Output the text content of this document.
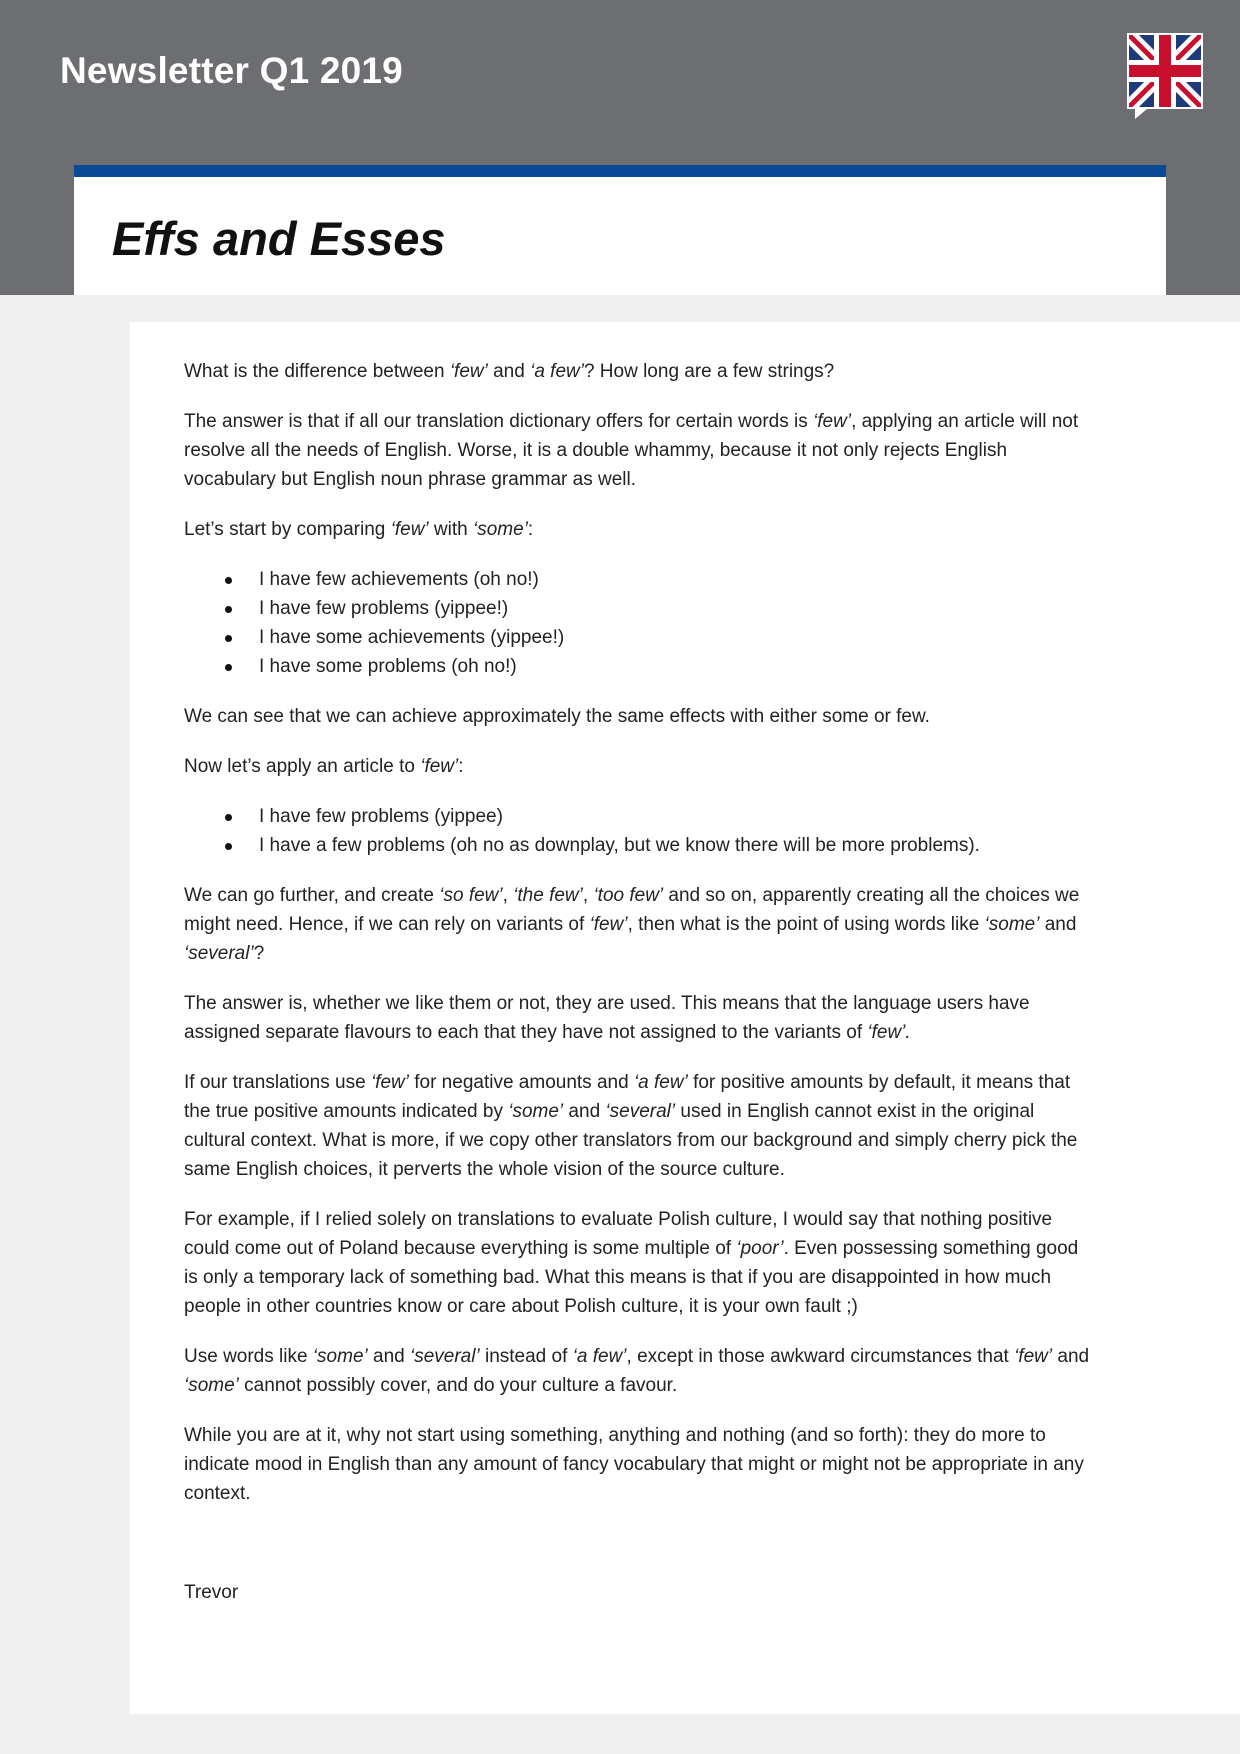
Newsletter Q1 2019
Effs and Esses

What is the difference between ‘few’ and ‘a few’? How long are a few strings?

The answer is that if all our translation dictionary offers for certain words is ‘few’, applying an article will not resolve all the needs of English. Worse, it is a double whammy, because it not only rejects English vocabulary but English noun phrase grammar as well.

Let’s start by comparing ‘few’ with ‘some’:

I have few achievements (oh no!)
I have few problems (yippee!)
I have some achievements (yippee!)
I have some problems (oh no!)

We can see that we can achieve approximately the same effects with either some or few.

Now let’s apply an article to ‘few’:

I have few problems (yippee)
I have a few problems (oh no as downplay, but we know there will be more problems).

We can go further, and create ‘so few’, ‘the few’, ‘too few’ and so on, apparently creating all the choices we might need. Hence, if we can rely on variants of ‘few’, then what is the point of using words like ‘some’ and ‘several’?

The answer is, whether we like them or not, they are used. This means that the language users have assigned separate flavours to each that they have not assigned to the variants of ‘few’.

If our translations use ‘few’ for negative amounts and ‘a few’ for positive amounts by default, it means that the true positive amounts indicated by ‘some’ and ‘several’ used in English cannot exist in the original cultural context. What is more, if we copy other translators from our background and simply cherry pick the same English choices, it perverts the whole vision of the source culture.

For example, if I relied solely on translations to evaluate Polish culture, I would say that nothing positive could come out of Poland because everything is some multiple of ‘poor’. Even possessing something good is only a temporary lack of something bad. What this means is that if you are disappointed in how much people in other countries know or care about Polish culture, it is your own fault ;)

Use words like ‘some’ and ‘several’ instead of ‘a few’, except in those awkward circumstances that ‘few’ and ‘some’ cannot possibly cover, and do your culture a favour.

While you are at it, why not start using something, anything and nothing (and so forth): they do more to indicate mood in English than any amount of fancy vocabulary that might or might not be appropriate in any context.

Trevor
